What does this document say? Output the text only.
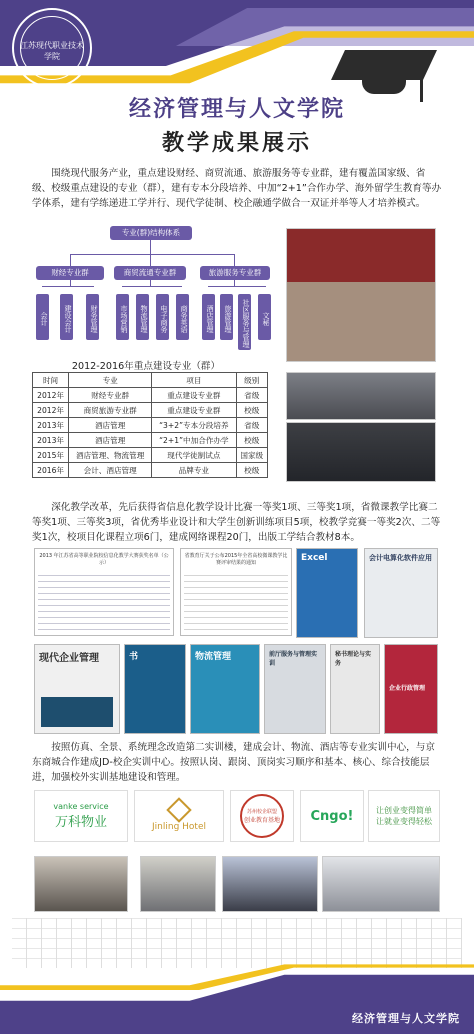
江苏现代职业技术学院
经济管理与人文学院
教学成果展示
围绕现代服务产业，重点建设财经、商贸流通、旅游服务等专业群，建有覆盖国家级、省级、校级重点建设的专业（群），建有专本分段培养、中加“2+1”合作办学、海外留学生教育等办学体系，建有学练递进工学并行、现代学徒制、校企融通学做合一双证并举等人才培养模式。
专业(群)结构体系
财经专业群	商贸流通专业群	旅游服务专业群
会计	建设会计	财务管理	市场营销	物流管理	电子商务	商务英语	酒店管理	旅游管理	社区服务与管理	文秘
2012-2016年重点建设专业（群）
时间	专业	项目	级别
2012年	财经专业群	重点建设专业群	省级
2012年	商贸旅游专业群	重点建设专业群	校级
2013年	酒店管理	“3+2”专本分段培养	省级
2013年	酒店管理	“2+1”中加合作办学	校级
2015年	酒店管理、物流管理	现代学徒制试点	国家级
2016年	会计、酒店管理	品牌专业	校级
深化教学改革，先后获得省信息化教学设计比赛一等奖1项、三等奖1项，省微课教学比赛二等奖1项、三等奖3项，省优秀毕业设计和大学生创新训练项目5项，校教学竞赛一等奖2次、二等奖1次，校项目化课程立项6门，建成网络课程20门，出版工学结合教材8本。
2013 年江苏省高等职业院校信息化教学大赛获奖名单（公示）
省教育厅关于公布2015年全省高校微课教学比赛评审结果的通知	Excel	会计电算化软件应用
现代企业管理	书	物流管理	前厅服务与管理实训
秘书理论与实务
企业行政管理
按照仿真、全景、系统理念改造第二实训楼，建成会计、物流、酒店等专业实训中心，与京东商城合作建成JD-校企实训中心。按照认岗、跟岗、顶岗实习顺序和基本、核心、综合技能层进，加强校外实训基地建设和管理。
vanke service
万科物业	Jinling Hotel
苏州校企联盟
创业教育基地 Cngo!	让创业变得简单
让就业变得轻松
经济管理与人文学院
